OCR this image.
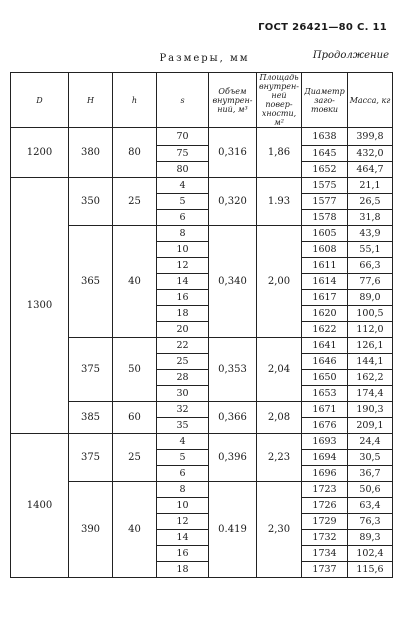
ГОСТ 26421—80 С. 11
Размеры, мм	Продолжение
D	H	h	s	Объем внутрен-ний, м³	Площадь внутрен-ней повер-хности, м²	Диаметр заго-товки	Масса, кг
1200	380	80	70	0,316	1,86	1638	399,8
			75			1645	432,0
			80			1652	464,7
1300	350	25	4	0,320	1.93	1575	21,1
			5			1577	26,5
			6			1578	31,8
	365	40	8	0,340	2,00	1605	43,9
			10			1608	55,1
			12			1611	66,3
			14			1614	77,6
			16			1617	89,0
			18			1620	100,5
			20			1622	112,0
	375	50	22	0,353	2,04	1641	126,1
			25			1646	144,1
			28			1650	162,2
			30			1653	174,4
	385	60	32	0,366	2,08	1671	190,3
			35			1676	209,1
1400	375	25	4	0,396	2,23	1693	24,4
			5			1694	30,5
			6			1696	36,7
	390	40	8	0.419	2,30	1723	50,6
			10			1726	63,4
			12			1729	76,3
			14			1732	89,3
			16			1734	102,4
			18			1737	115,6
